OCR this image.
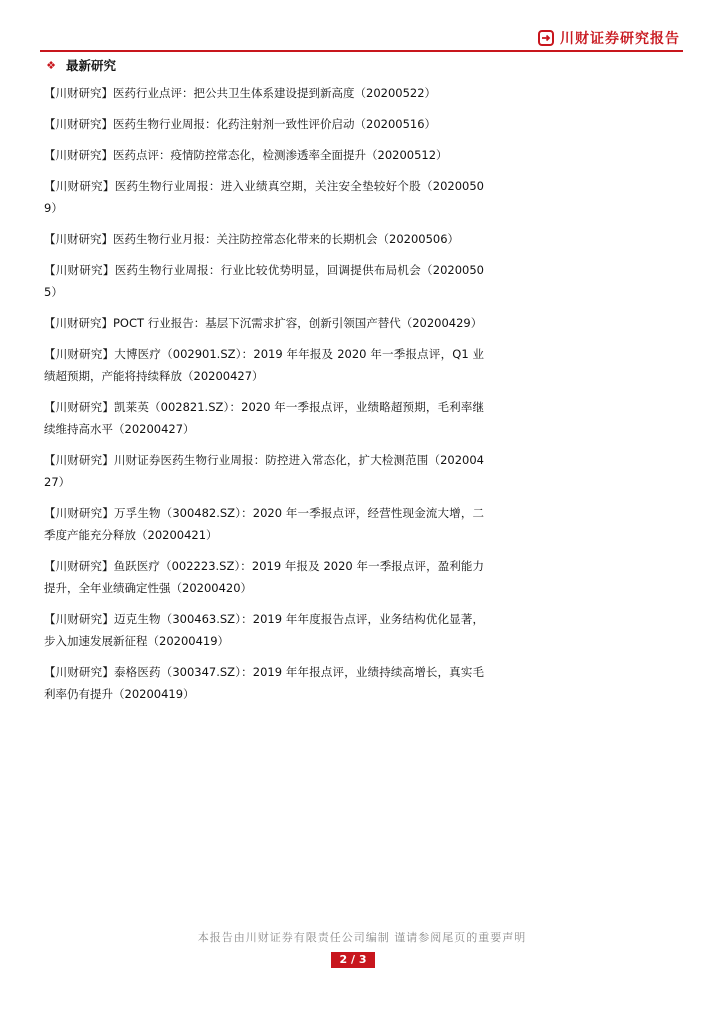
川财证券研究报告
❖ 最新研究
【川财研究】医药行业点评：把公共卫生体系建设提到新高度（20200522）
【川财研究】医药生物行业周报：化药注射剂一致性评价启动（20200516）
【川财研究】医药点评：疫情防控常态化，检测渗透率全面提升（20200512）
【川财研究】医药生物行业周报：进入业绩真空期，关注安全垫较好个股（20200509）
【川财研究】医药生物行业月报：关注防控常态化带来的长期机会（20200506）
【川财研究】医药生物行业周报：行业比较优势明显，回调提供布局机会（20200505）
【川财研究】POCT 行业报告：基层下沉需求扩容，创新引领国产替代（20200429）
【川财研究】大博医疗（002901.SZ）：2019 年年报及 2020 年一季报点评，Q1 业绩超预期，产能将持续释放（20200427）
【川财研究】凯莱英（002821.SZ）：2020 年一季报点评，业绩略超预期，毛利率继续维持高水平（20200427）
【川财研究】川财证券医药生物行业周报：防控进入常态化，扩大检测范围（20200427）
【川财研究】万孚生物（300482.SZ）：2020 年一季报点评，经营性现金流大增，二季度产能充分释放（20200421）
【川财研究】鱼跃医疗（002223.SZ）：2019 年报及 2020 年一季报点评，盈利能力提升，全年业绩确定性强（20200420）
【川财研究】迈克生物（300463.SZ）：2019 年年度报告点评，业务结构优化显著，步入加速发展新征程（20200419）
【川财研究】泰格医药（300347.SZ）：2019 年年报点评，业绩持续高增长，真实毛利率仍有提升（20200419）
本报告由川财证券有限责任公司编制 谨请参阅尾页的重要声明
2 / 3
